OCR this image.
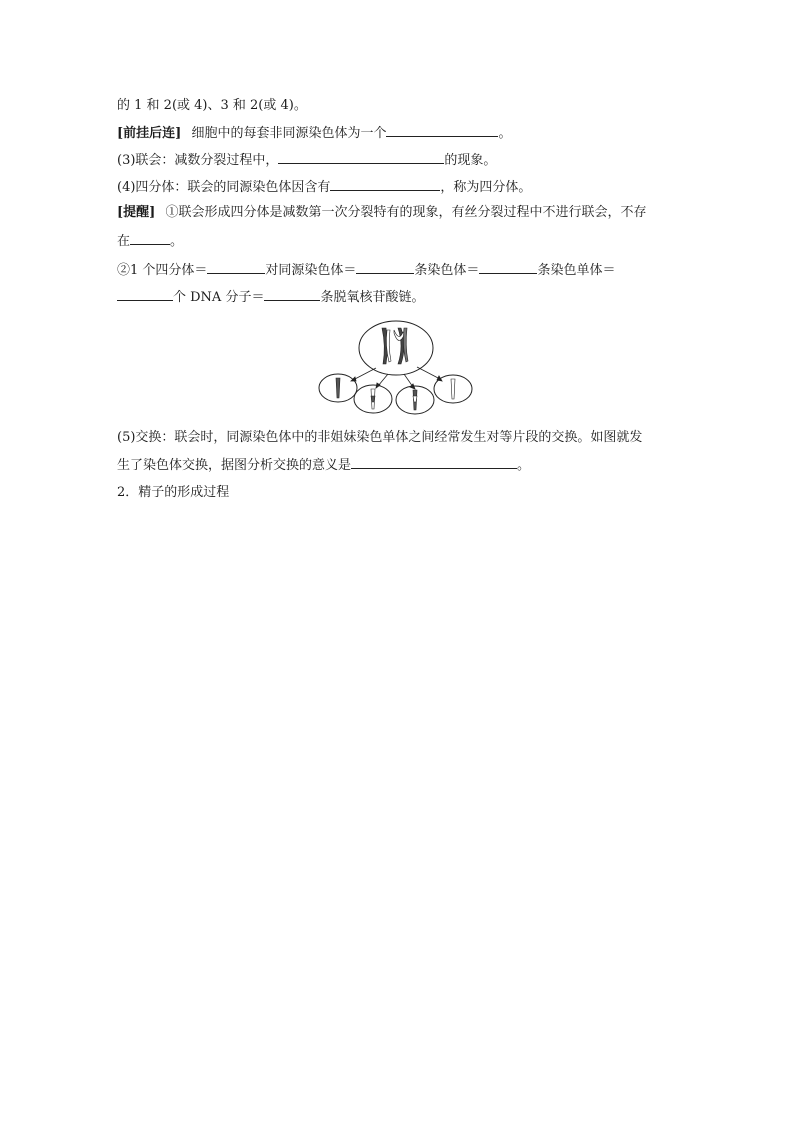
的 1 和 2(或 4)、3 和 2(或 4)。
[前挂后连] 细胞中的每套非同源染色体为一个	。
(3)联会：减数分裂过程中，	的现象。
(4)四分体：联会的同源染色体因含有	，称为四分体。
[提醒] ①联会形成四分体是减数第一次分裂特有的现象，有丝分裂过程中不进行联会，不存
在	。
②1 个四分体＝	对同源染色体＝	条染色体＝	条染色单体＝
个 DNA 分子＝	条脱氧核苷酸链。
(5)交换：联会时，同源染色体中的非姐妹染色单体之间经常发生对等片段的交换。如图就发
生了染色体交换，据图分析交换的意义是	。
2．精子的形成过程
